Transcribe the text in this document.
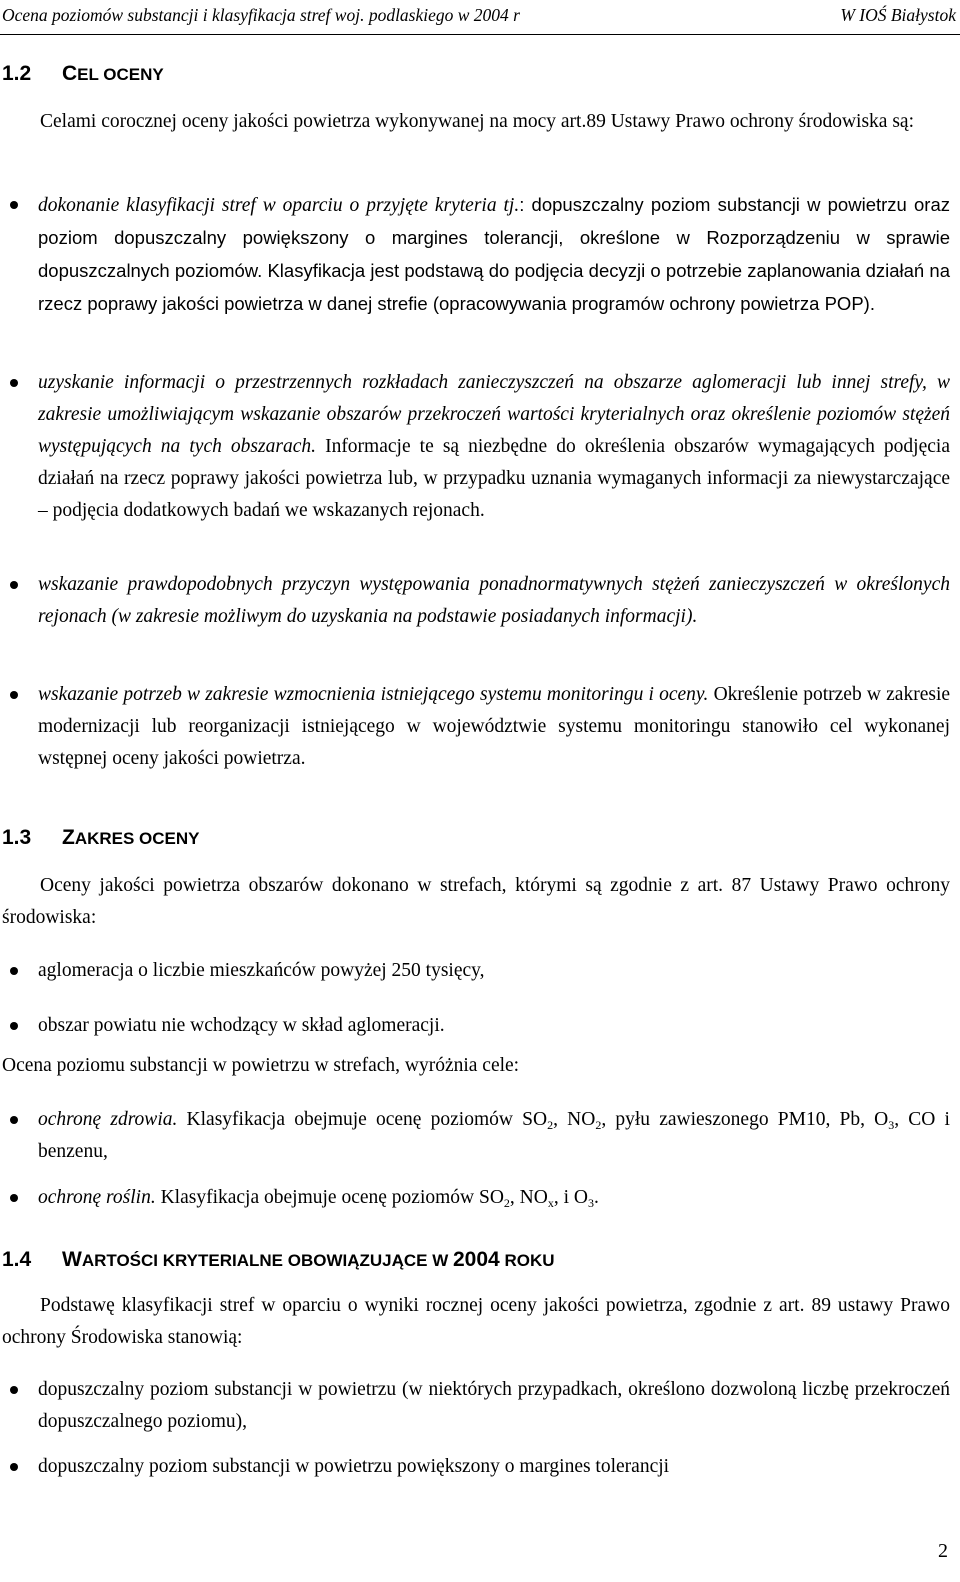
Ocena poziomów substancji i klasyfikacja stref woj. podlaskiego w 2004 r	W IOŚ Białystok
1.2 CEL OCENY
Celami corocznej oceny jakości powietrza wykonywanej na mocy art.89 Ustawy Prawo ochrony środowiska są:
dokonanie klasyfikacji stref w oparciu o przyjęte kryteria tj.: dopuszczalny poziom substancji w powietrzu oraz poziom dopuszczalny powiększony o margines tolerancji, określone w Rozporządzeniu w sprawie dopuszczalnych poziomów. Klasyfikacja jest podstawą do podjęcia decyzji o potrzebie zaplanowania działań na rzecz poprawy jakości powietrza w danej strefie (opracowywania programów ochrony powietrza POP).
uzyskanie informacji o przestrzennych rozkładach zanieczyszczeń na obszarze aglomeracji lub innej strefy, w zakresie umożliwiającym wskazanie obszarów przekroczeń wartości kryterialnych oraz określenie poziomów stężeń występujących na tych obszarach. Informacje te są niezbędne do określenia obszarów wymagających podjęcia działań na rzecz poprawy jakości powietrza lub, w przypadku uznania wymaganych informacji za niewystarczające – podjęcia dodatkowych badań we wskazanych rejonach.
wskazanie prawdopodobnych przyczyn występowania ponadnormatywnych stężeń zanieczyszczeń w określonych rejonach (w zakresie możliwym do uzyskania na podstawie posiadanych informacji).
wskazanie potrzeb w zakresie wzmocnienia istniejącego systemu monitoringu i oceny. Określenie potrzeb w zakresie modernizacji lub reorganizacji istniejącego w województwie systemu monitoringu stanowiło cel wykonanej wstępnej oceny jakości powietrza.
1.3 ZAKRES OCENY
Oceny jakości powietrza obszarów dokonano w strefach, którymi są zgodnie z art. 87 Ustawy Prawo ochrony środowiska:
aglomeracja o liczbie mieszkańców powyżej 250 tysięcy,
obszar powiatu nie wchodzący w skład aglomeracji.
Ocena poziomu substancji w powietrzu w strefach, wyróżnia cele:
ochronę zdrowia. Klasyfikacja obejmuje ocenę poziomów $SO_2$, $NO_2$, pyłu zawieszonego PM10, Pb, $O_3$, CO i benzenu,
ochronę roślin. Klasyfikacja obejmuje ocenę poziomów $SO_2$, $NO_x$, i $O_3$.
1.4 WARTOŚCI KRYTERIALNE OBOWIĄZUJĄCE W 2004 ROKU
Podstawę klasyfikacji stref w oparciu o wyniki rocznej oceny jakości powietrza, zgodnie z art. 89 ustawy Prawo ochrony Środowiska stanowią:
dopuszczalny poziom substancji w powietrzu (w niektórych przypadkach, określono dozwoloną liczbę przekroczeń dopuszczalnego poziomu),
dopuszczalny poziom substancji w powietrzu powiększony o margines tolerancji
2
